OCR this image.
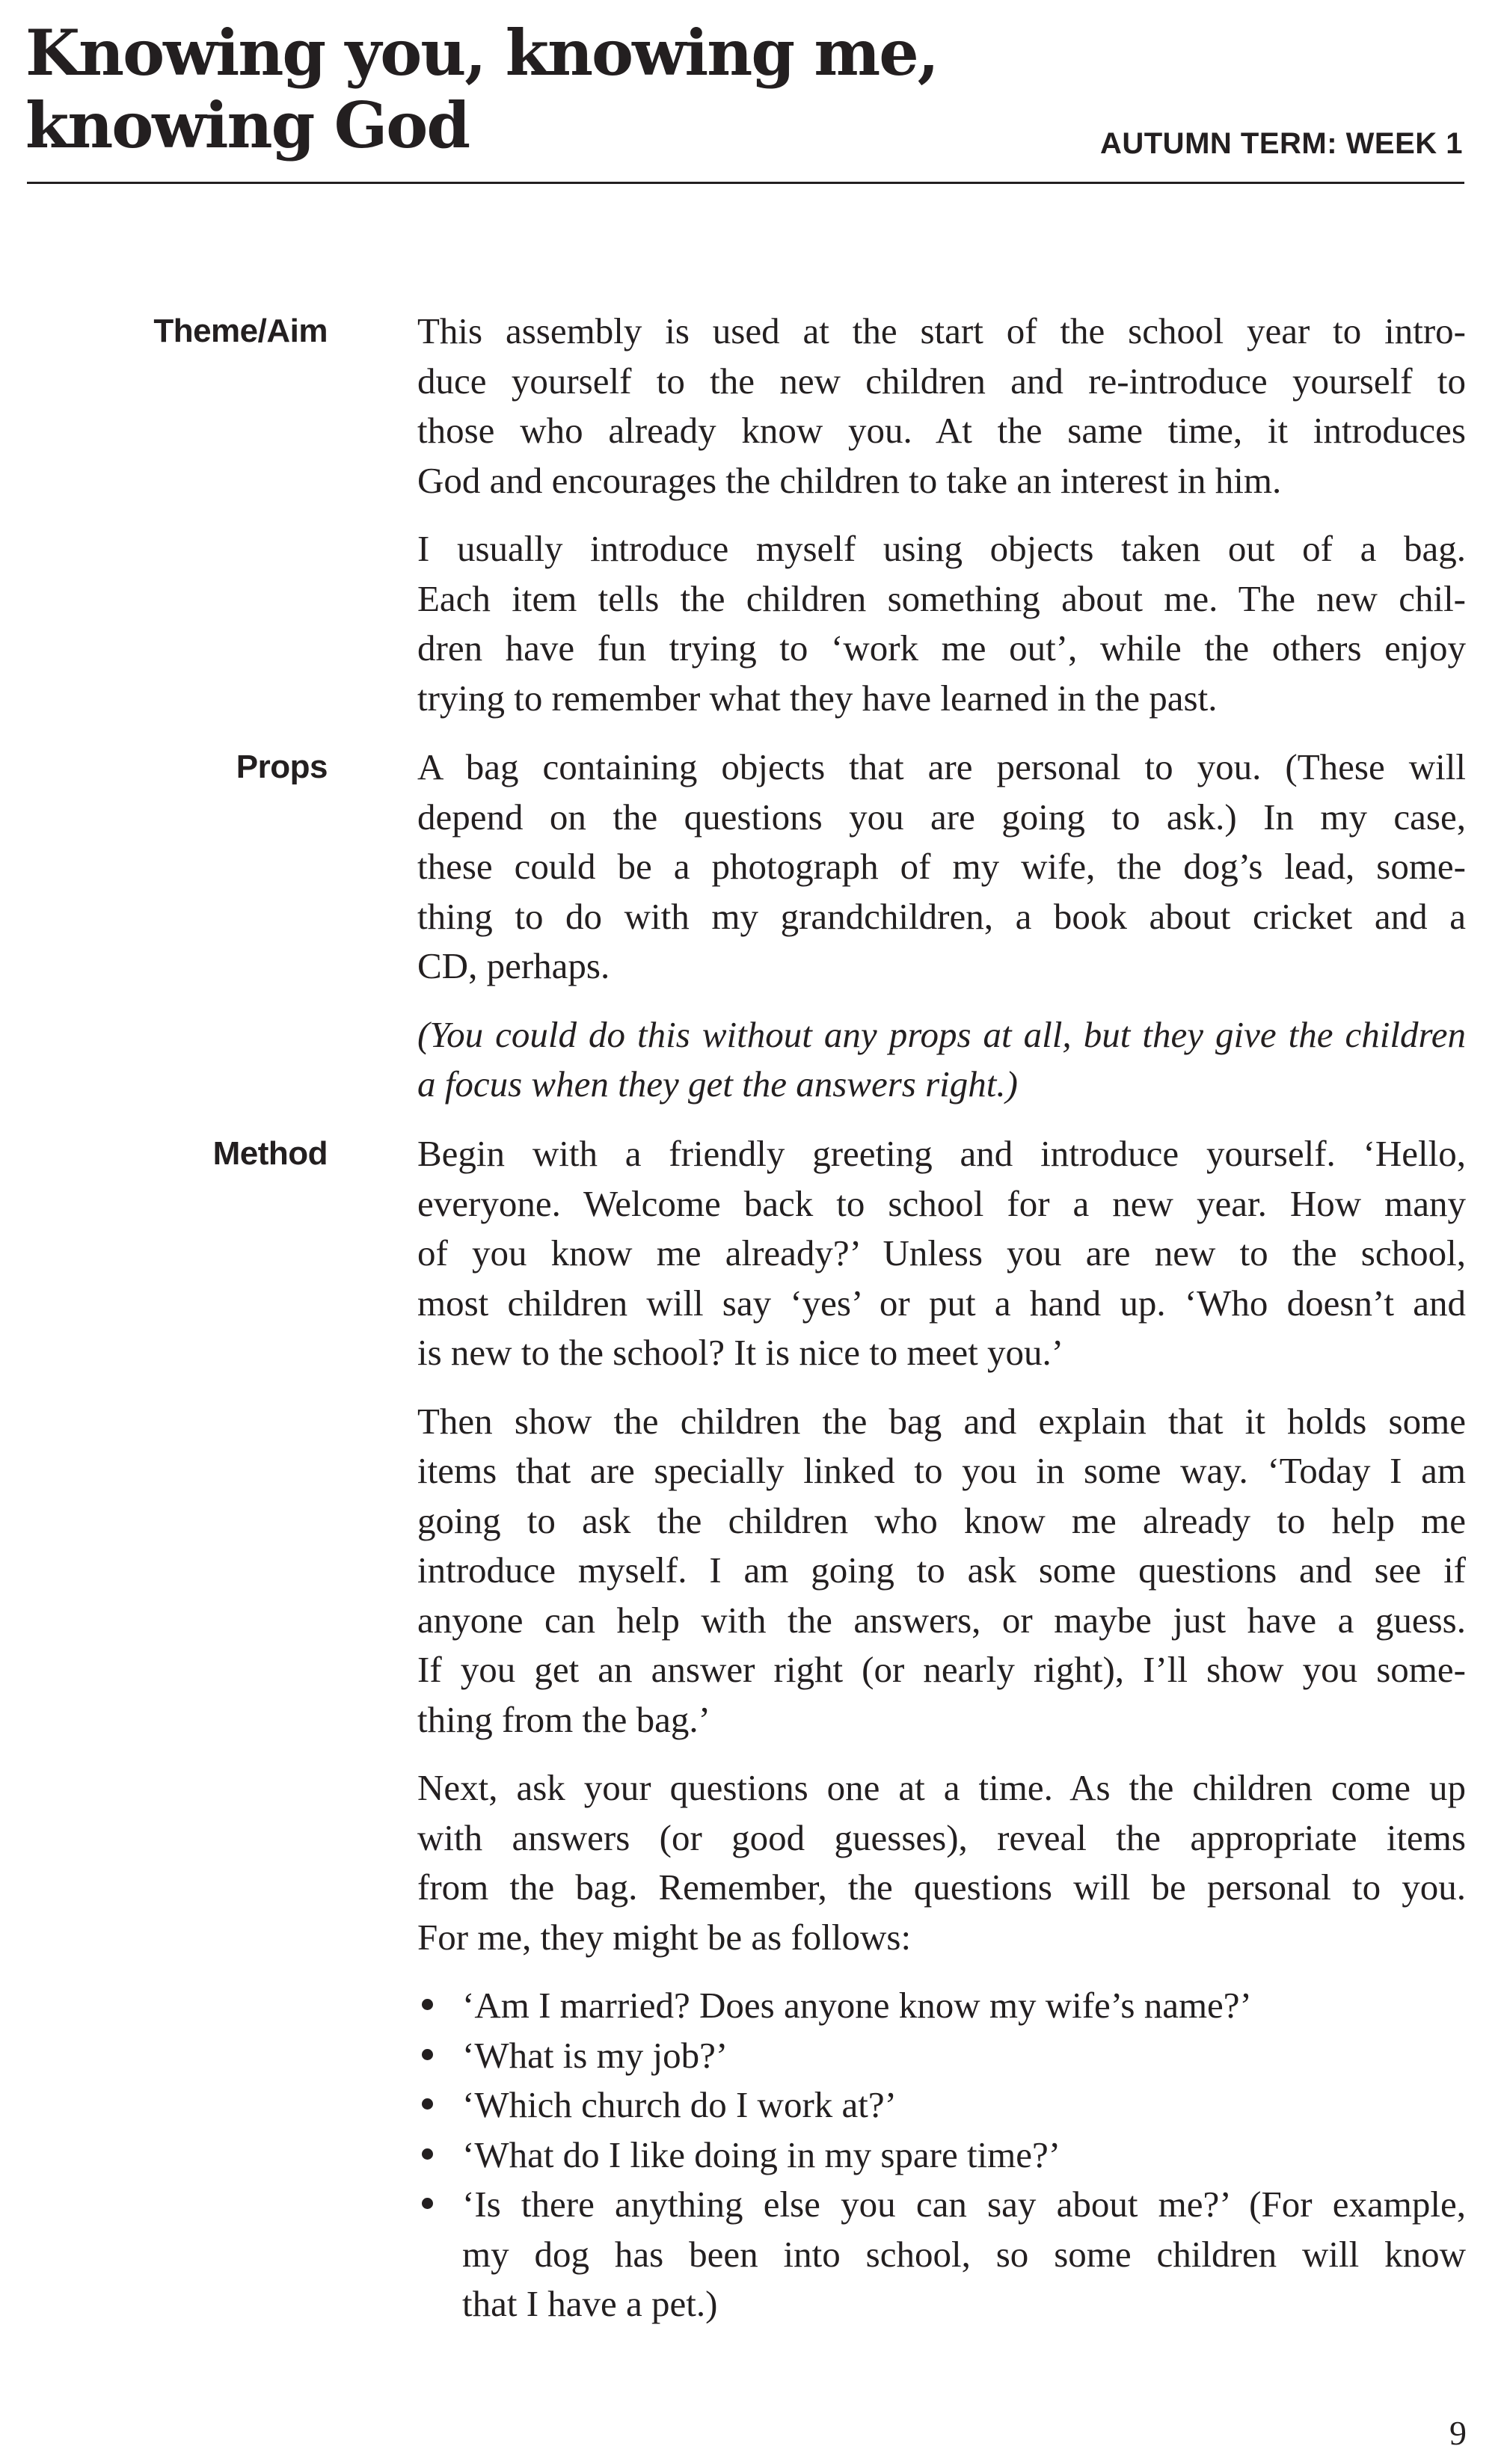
Knowing you, knowing me,
knowing God	AUTUMN TERM: WEEK 1
Theme/Aim This assembly is used at the start of the school year to intro-
duce yourself to the new children and re-introduce yourself to
those who already know you. At the same time, it introduces
God and encourages the children to take an interest in him.

I usually introduce myself using objects taken out of a bag.
Each item tells the children something about me. The new chil-
dren have fun trying to ‘work me out’, while the others enjoy
trying to remember what they have learned in the past.

Props A bag containing objects that are personal to you. (These will
depend on the questions you are going to ask.) In my case,
these could be a photograph of my wife, the dog’s lead, some-
thing to do with my grandchildren, a book about cricket and a
CD, perhaps.

(You could do this without any props at all, but they give the children
a focus when they get the answers right.)

Method Begin with a friendly greeting and introduce yourself. ‘Hello,
everyone. Welcome back to school for a new year. How many
of you know me already?’ Unless you are new to the school,
most children will say ‘yes’ or put a hand up. ‘Who doesn’t and
is new to the school? It is nice to meet you.’

Then show the children the bag and explain that it holds some
items that are specially linked to you in some way. ‘Today I am
going to ask the children who know me already to help me
introduce myself. I am going to ask some questions and see if
anyone can help with the answers, or maybe just have a guess.
If you get an answer right (or nearly right), I’ll show you some-
thing from the bag.’

Next, ask your questions one at a time. As the children come up
with answers (or good guesses), reveal the appropriate items
from the bag. Remember, the questions will be personal to you.
For me, they might be as follows:

‘Am I married? Does anyone know my wife’s name?’
‘What is my job?’
‘Which church do I work at?’
‘What do I like doing in my spare time?’
‘Is there anything else you can say about me?’ (For example,
my dog has been into school, so some children will know
that I have a pet.)
9
